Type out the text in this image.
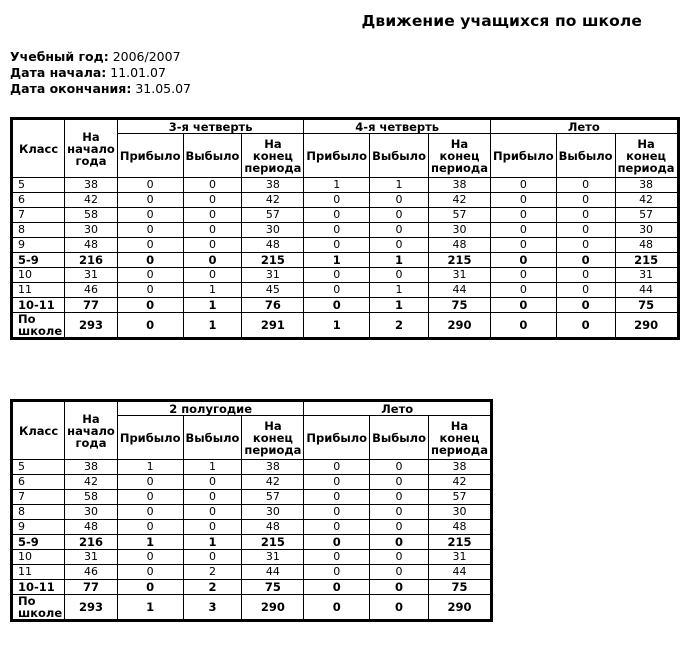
Движение учащихся по школе
Учебный год: 2006/2007
Дата начала: 11.01.07
Дата окончания: 31.05.07
Класс	На начало года	3-я четверть			4-я четверть			Лето		
		Прибыло	Выбыло	На конец периода	Прибыло	Выбыло	На конец периода	Прибыло	Выбыло	На конец периода
5	38	0	0	38	1	1	38	0	0	38
6	42	0	0	42	0	0	42	0	0	42
7	58	0	0	57	0	0	57	0	0	57
8	30	0	0	30	0	0	30	0	0	30
9	48	0	0	48	0	0	48	0	0	48
5-9	216	0	0	215	1	1	215	0	0	215
10	31	0	0	31	0	0	31	0	0	31
11	46	0	1	45	0	1	44	0	0	44
10-11	77	0	1	76	0	1	75	0	0	75
По школе	293	0	1	291	1	2	290	0	0	290
Класс	На начало года	2 полугодие			Лето		
		Прибыло	Выбыло	На конец периода	Прибыло	Выбыло	На конец периода
5	38	1	1	38	0	0	38
6	42	0	0	42	0	0	42
7	58	0	0	57	0	0	57
8	30	0	0	30	0	0	30
9	48	0	0	48	0	0	48
5-9	216	1	1	215	0	0	215
10	31	0	0	31	0	0	31
11	46	0	2	44	0	0	44
10-11	77	0	2	75	0	0	75
По школе	293	1	3	290	0	0	290
